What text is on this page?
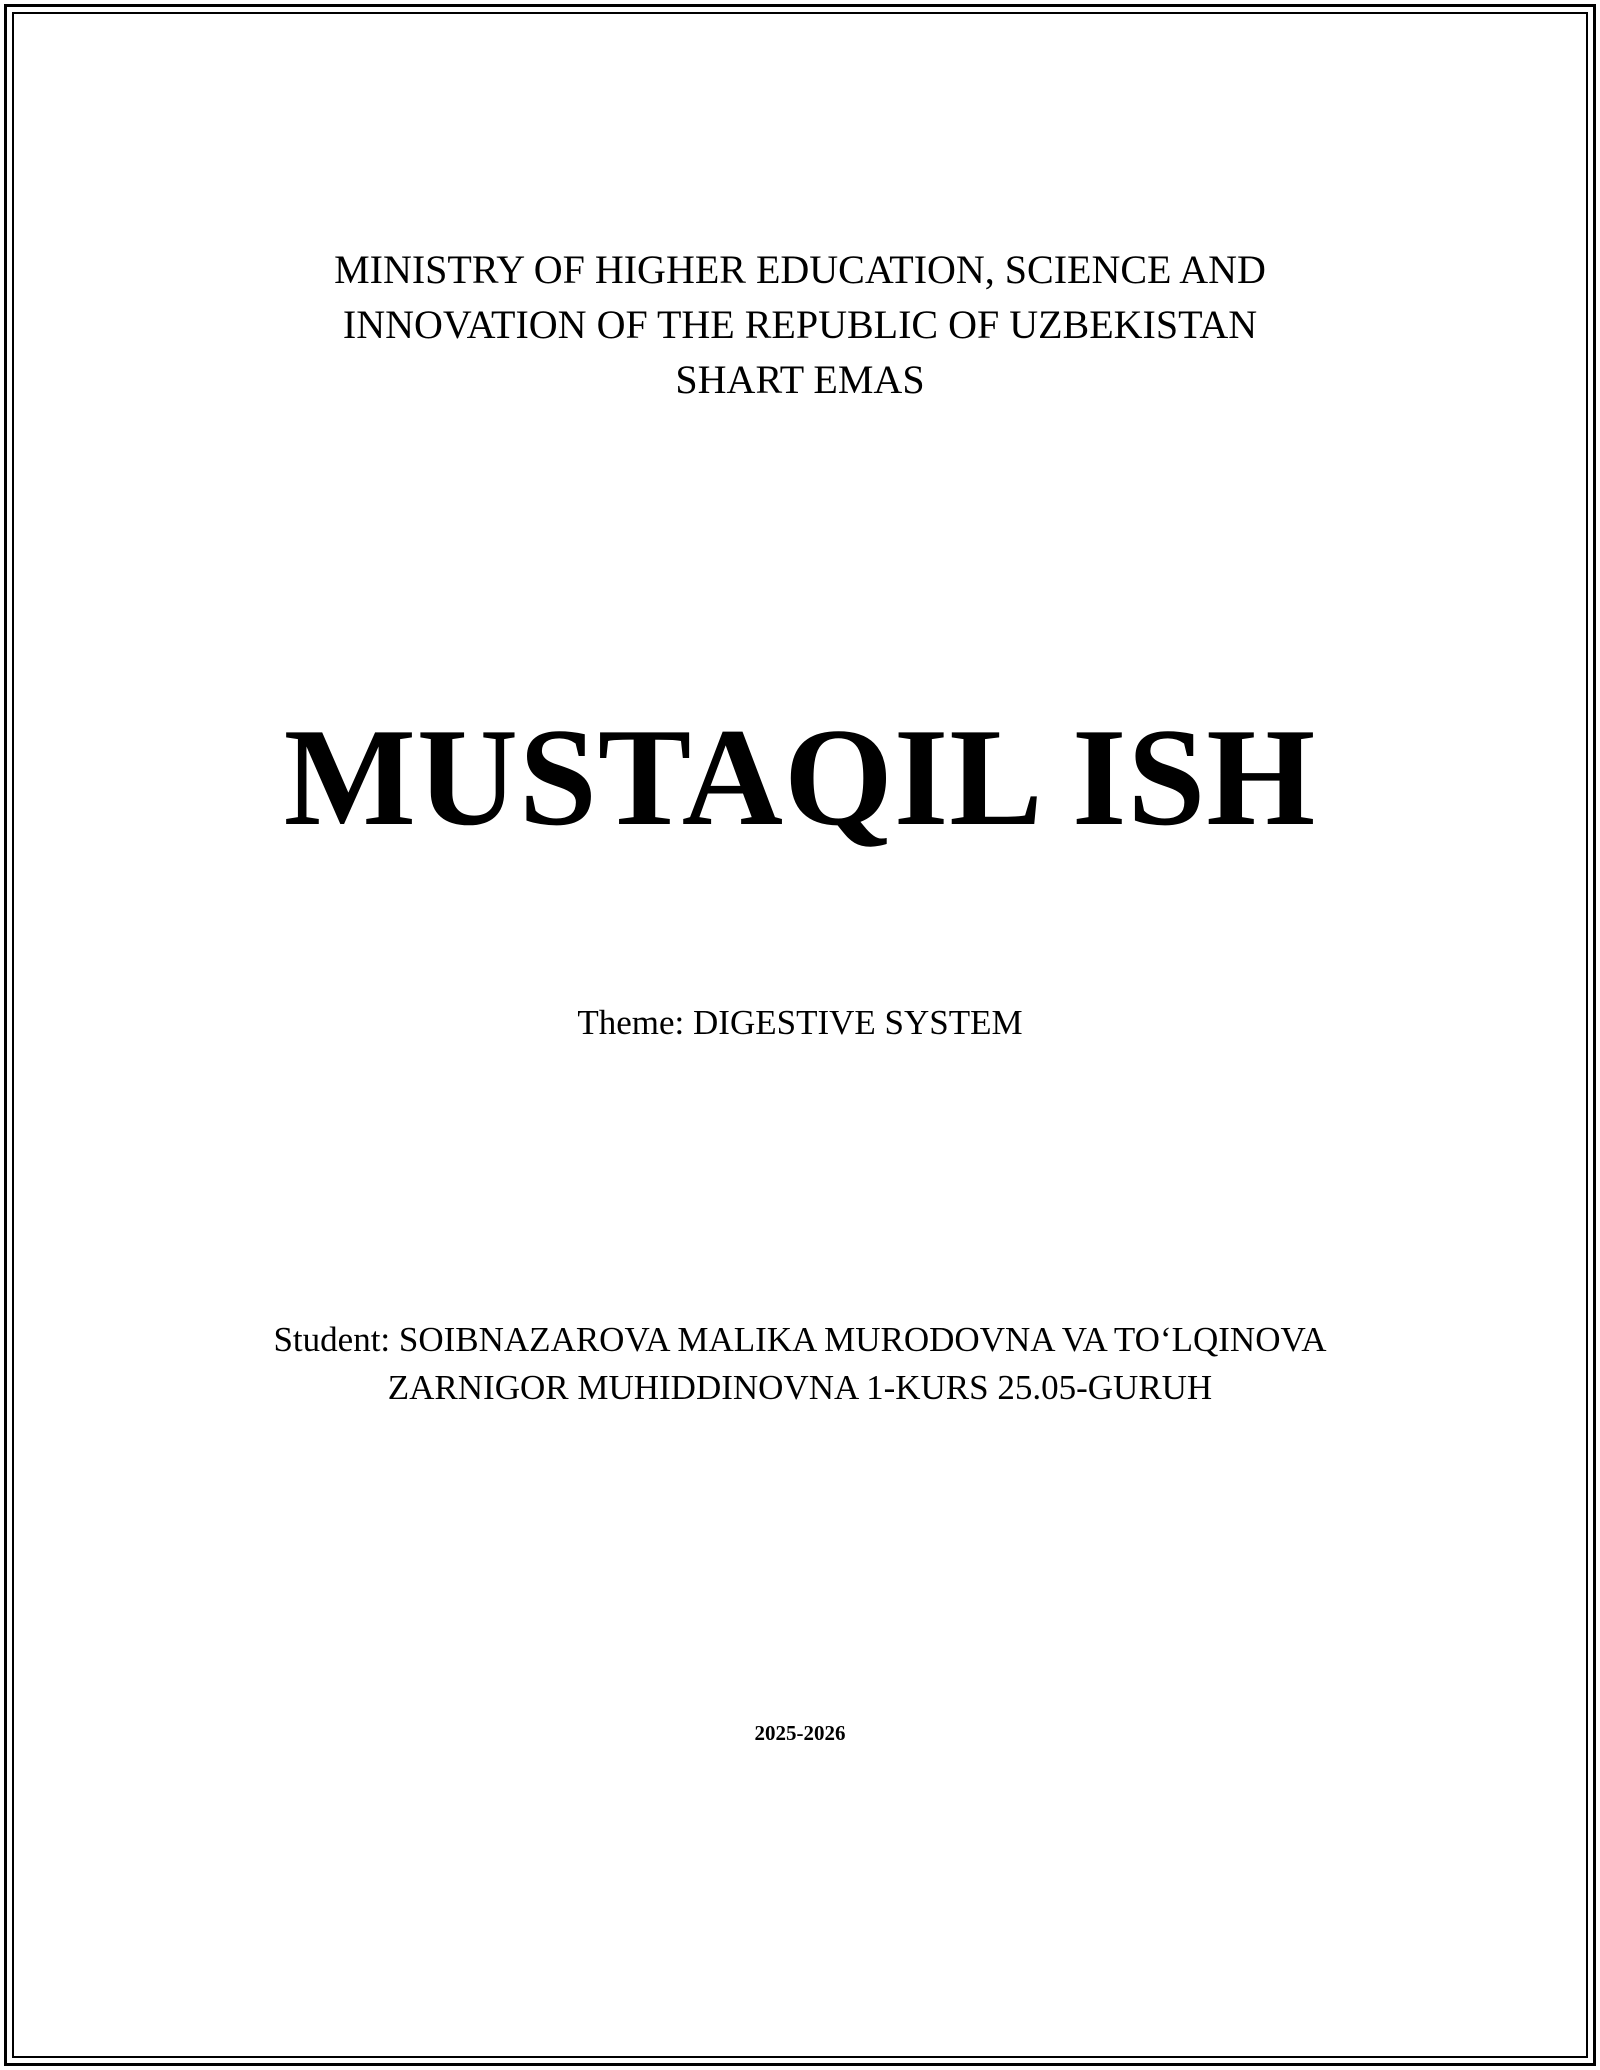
MINISTRY OF HIGHER EDUCATION, SCIENCE AND
INNOVATION OF THE REPUBLIC OF UZBEKISTAN
SHART EMAS
MUSTAQIL ISH
Theme: DIGESTIVE SYSTEM
Student: SOIBNAZAROVA MALIKA MURODOVNA VA TO‘LQINOVA
ZARNIGOR MUHIDDINOVNA 1-KURS 25.05-GURUH
2025-2026
